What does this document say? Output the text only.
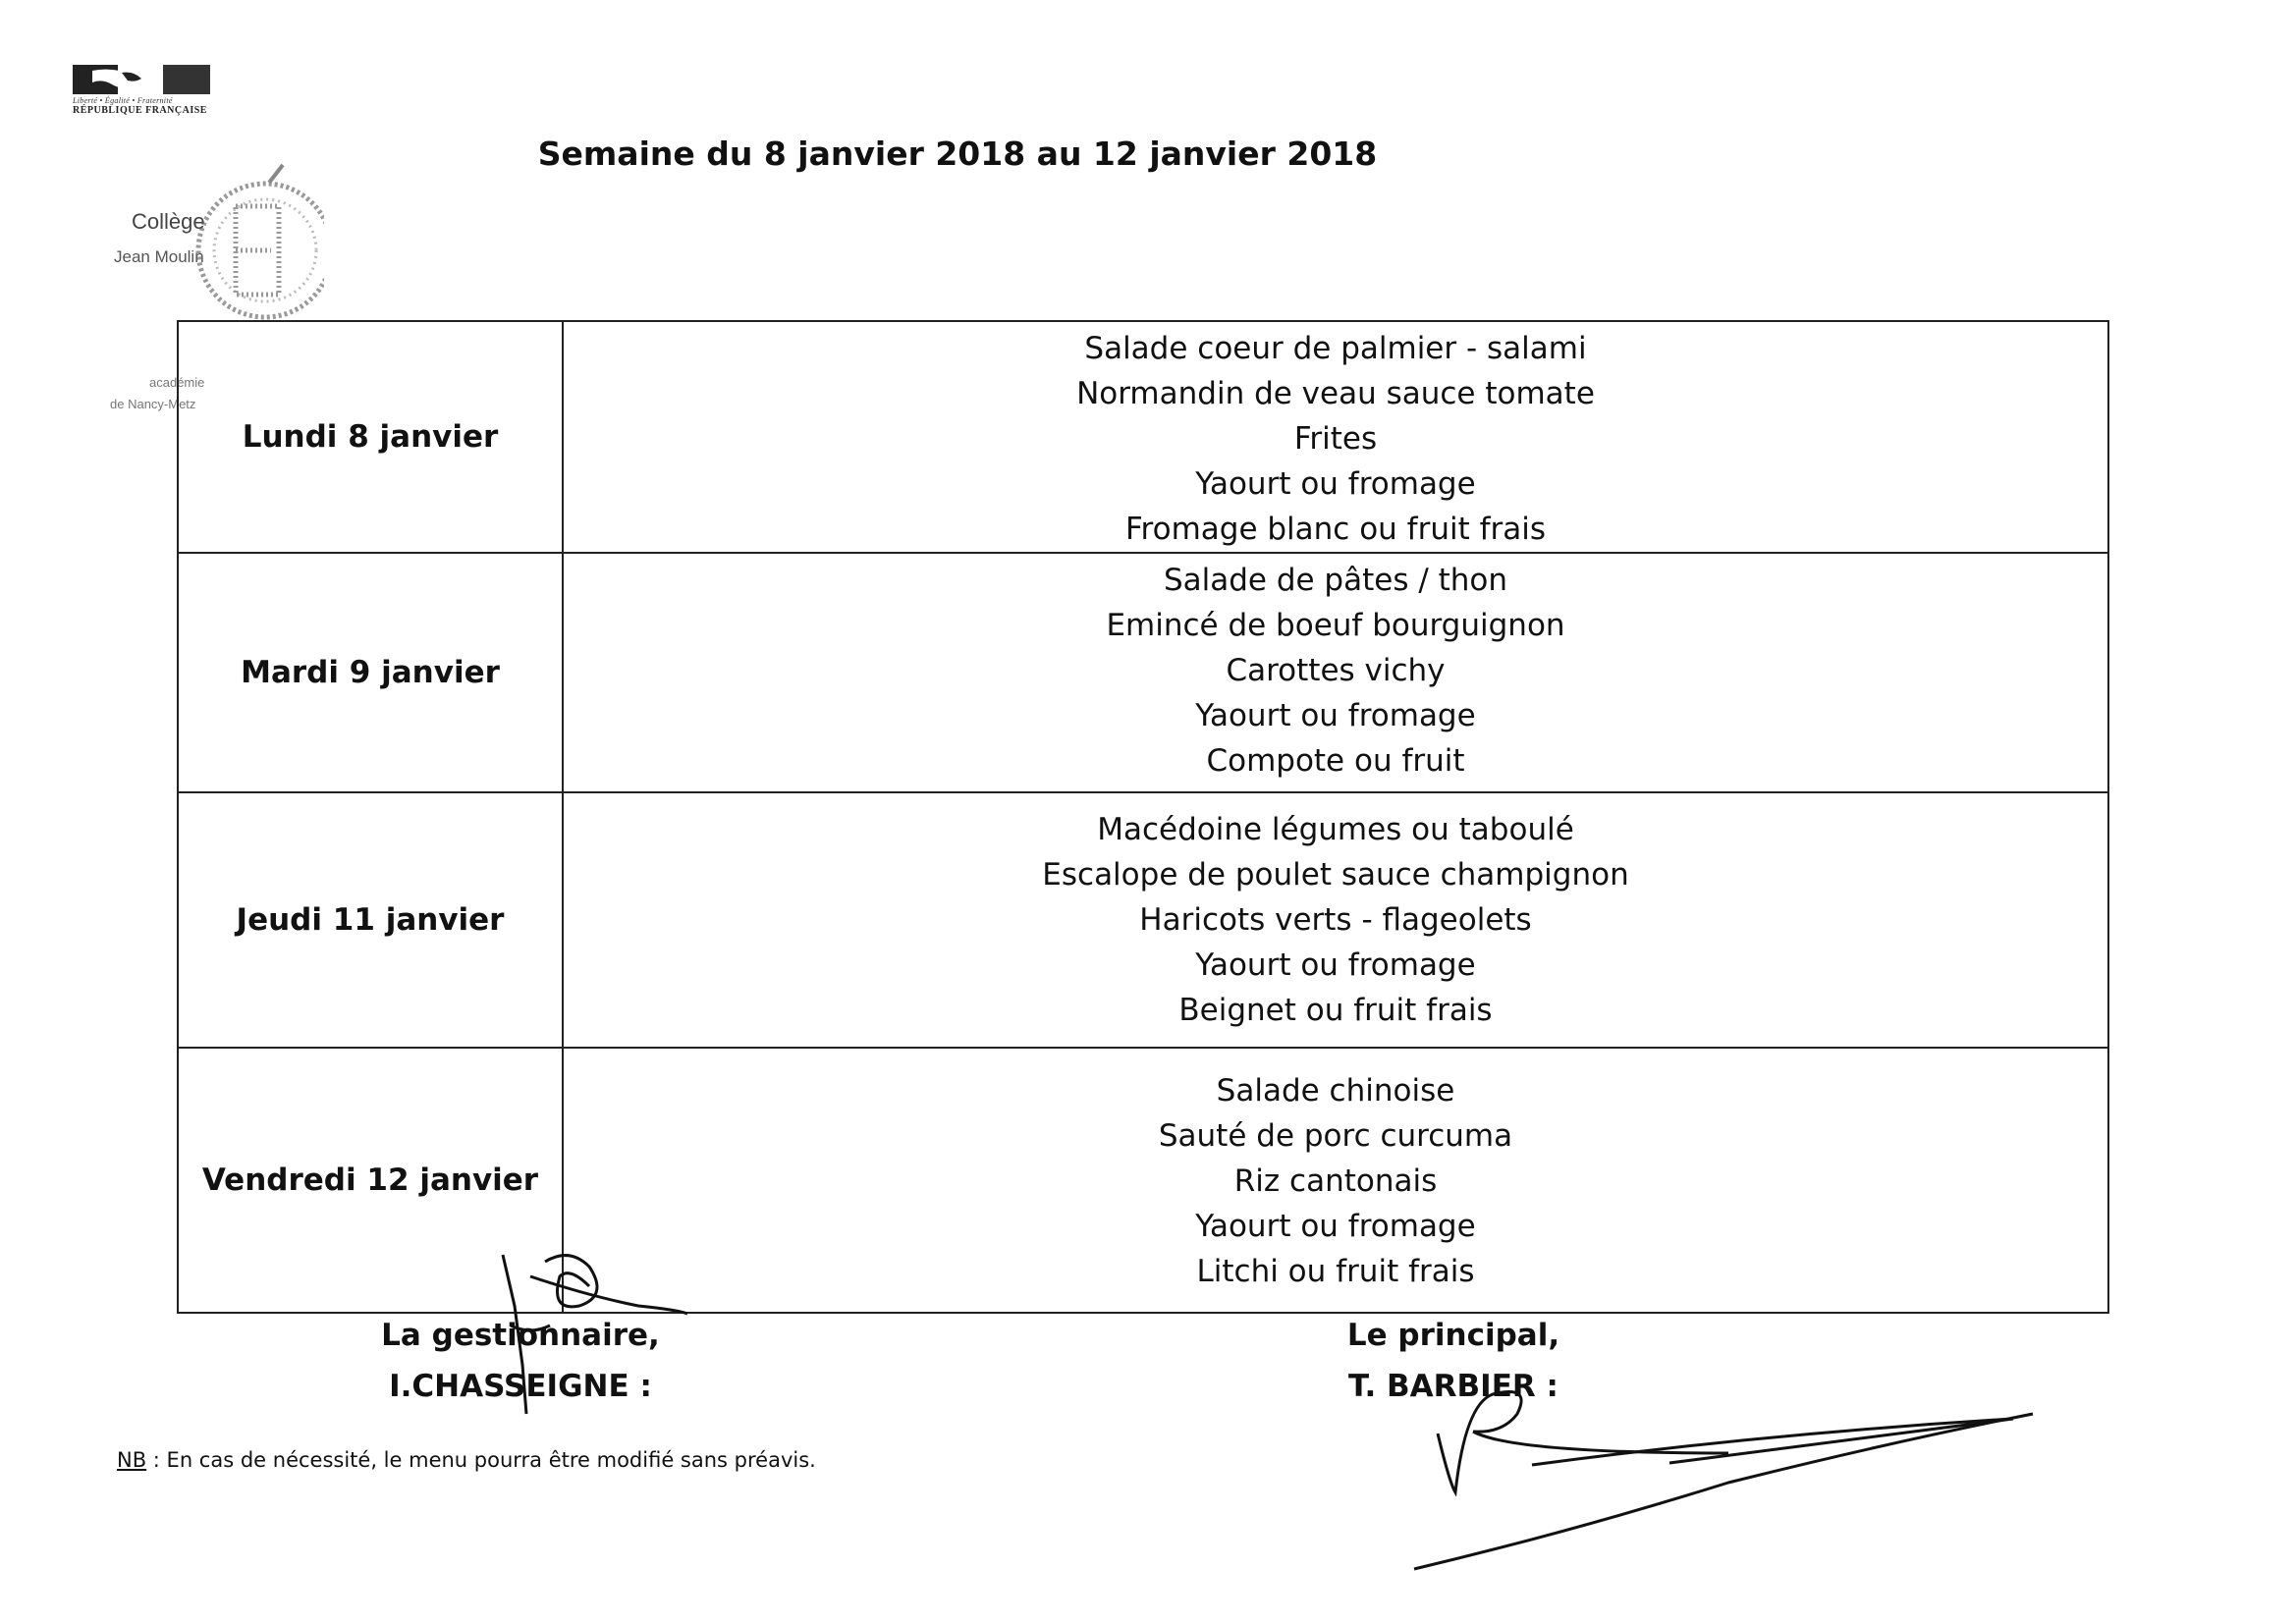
Liberté • Égalité • Fraternité
RÉPUBLIQUE FRANÇAISE
Collège
Jean Moulin
académie
de Nancy-Metz
Semaine du 8 janvier 2018 au 12 janvier 2018
Lundi 8 janvier	Salade coeur de palmier - salami
Normandin de veau sauce tomate
Frites
Yaourt ou fromage
Fromage blanc ou fruit frais

Mardi 9 janvier	Salade de pâtes / thon
Emincé de boeuf bourguignon
Carottes vichy
Yaourt ou fromage
Compote ou fruit

Jeudi 11 janvier	Macédoine légumes ou taboulé
Escalope de poulet sauce champignon
Haricots verts - flageolets
Yaourt ou fromage
Beignet ou fruit frais

Vendredi 12 janvier	Salade chinoise
Sauté de porc curcuma
Riz cantonais
Yaourt ou fromage
Litchi ou fruit frais
La gestionnaire,
I.CHASSEIGNE :
Le principal,
T. BARBIER :
NB : En cas de nécessité, le menu pourra être modifié sans préavis.
